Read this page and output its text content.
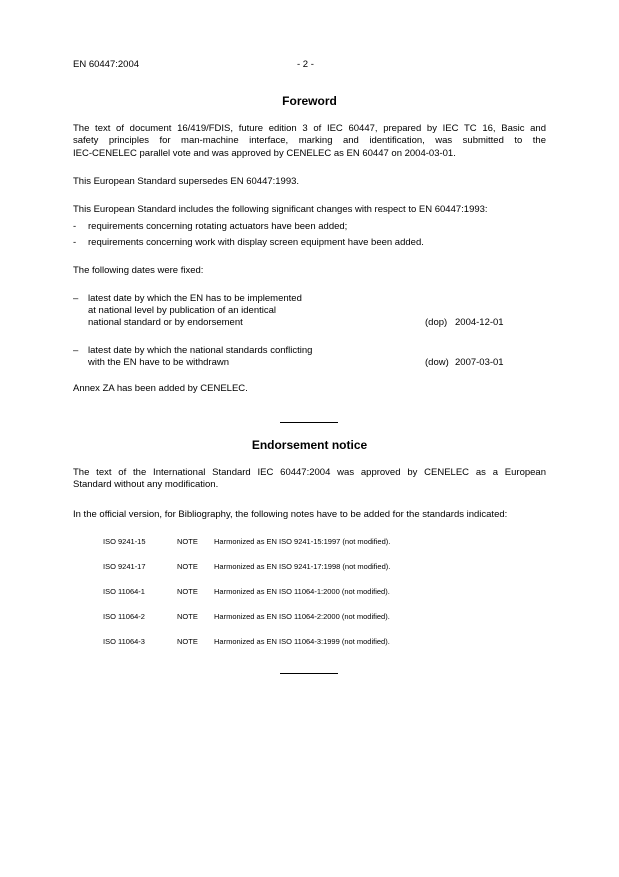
EN 60447:2004	- 2 -
Foreword
The text of document 16/419/FDIS, future edition 3 of IEC 60447, prepared by IEC TC 16, Basic and
safety principles for man-machine interface, marking and identification, was submitted to the
IEC-CENELEC parallel vote and was approved by CENELEC as EN 60447 on 2004-03-01.
This European Standard supersedes EN 60447:1993.
This European Standard includes the following significant changes with respect to EN 60447:1993:
- requirements concerning rotating actuators have been added;
- requirements concerning work with display screen equipment have been added.
The following dates were fixed:
– latest date by which the EN has to be implemented
at national level by publication of an identical
national standard or by endorsement	(dop) 2004-12-01
– latest date by which the national standards conflicting
with the EN have to be withdrawn	(dow) 2007-03-01
Annex ZA has been added by CENELEC.
Endorsement notice
The text of the International Standard IEC 60447:2004 was approved by CENELEC as a European
Standard without any modification.
In the official version, for Bibliography, the following notes have to be added for the standards indicated:
ISO 9241-15	NOTE Harmonized as EN ISO 9241-15:1997 (not modified).
ISO 9241-17	NOTE Harmonized as EN ISO 9241-17:1998 (not modified).
ISO 11064-1	NOTE Harmonized as EN ISO 11064-1:2000 (not modified).
ISO 11064-2	NOTE Harmonized as EN ISO 11064-2:2000 (not modified).
ISO 11064-3	NOTE Harmonized as EN ISO 11064-3:1999 (not modified).
